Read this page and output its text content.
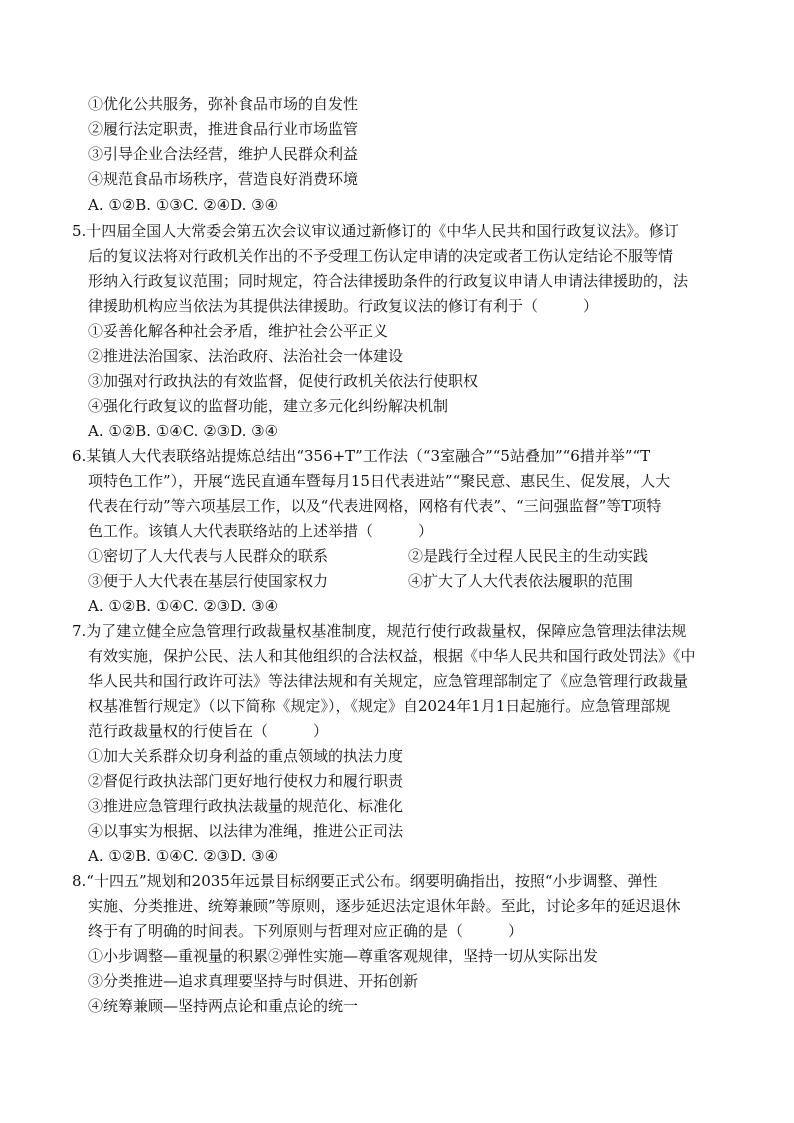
①优化公共服务，弥补食品市场的自发性
②履行法定职责，推进食品行业市场监管
③引导企业合法经营，维护人民群众利益
④规范食品市场秩序，营造良好消费环境
A. ①②B. ①③C. ②④D. ③④
5.十四届全国人大常委会第五次会议审议通过新修订的《中华人民共和国行政复议法》。修订
后的复议法将对行政机关作出的不予受理工伤认定申请的决定或者工伤认定结论不服等情
形纳入行政复议范围；同时规定，符合法律援助条件的行政复议申请人申请法律援助的，法
律援助机构应当依法为其提供法律援助。行政复议法的修订有利于（　　　）
①妥善化解各种社会矛盾，维护社会公平正义
②推进法治国家、法治政府、法治社会一体建设
③加强对行政执法的有效监督，促使行政机关依法行使职权
④强化行政复议的监督功能，建立多元化纠纷解决机制
A. ①②B. ①④C. ②③D. ③④
6.某镇人大代表联络站提炼总结出“356+T”工作法（“3室融合”“5站叠加”“6措并举”“T
项特色工作”），开展“选民直通车暨每月15日代表进站”“聚民意、惠民生、促发展，人大
代表在行动”等六项基层工作，以及“代表进网格，网格有代表”、“三问强监督”等T项特
色工作。该镇人大代表联络站的上述举措（　　　）
①密切了人大代表与人民群众的联系	②是践行全过程人民民主的生动实践
③便于人大代表在基层行使国家权力	④扩大了人大代表依法履职的范围
A. ①②B. ①④C. ②③D. ③④
7.为了建立健全应急管理行政裁量权基准制度，规范行使行政裁量权，保障应急管理法律法规
有效实施，保护公民、法人和其他组织的合法权益，根据《中华人民共和国行政处罚法》《中
华人民共和国行政许可法》等法律法规和有关规定，应急管理部制定了《应急管理行政裁量
权基准暂行规定》（以下简称《规定》），《规定》自2024年1月1日起施行。应急管理部规
范行政裁量权的行使旨在（　　　）
①加大关系群众切身利益的重点领域的执法力度
②督促行政执法部门更好地行使权力和履行职责
③推进应急管理行政执法裁量的规范化、标准化
④以事实为根据、以法律为准绳，推进公正司法
A. ①②B. ①④C. ②③D. ③④
8.“十四五”规划和2035年远景目标纲要正式公布。纲要明确指出，按照“小步调整、弹性
实施、分类推进、统筹兼顾”等原则，逐步延迟法定退休年龄。至此，讨论多年的延迟退休
终于有了明确的时间表。下列原则与哲理对应正确的是（　　　）
①小步调整—重视量的积累②弹性实施—尊重客观规律，坚持一切从实际出发
③分类推进—追求真理要坚持与时俱进、开拓创新
④统筹兼顾—坚持两点论和重点论的统一
